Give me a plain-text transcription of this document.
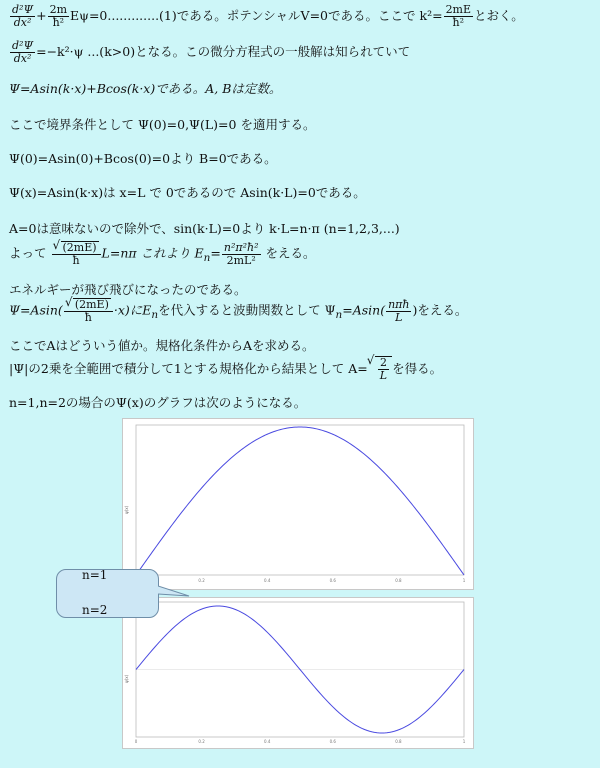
$\frac{\text{d²Ψ}}{\text{dx²}} + \frac{2m}{\text{ħ²}} E\psi=0.............(1)$である。ポテンシャルV=0である。ここで $k^2= \frac{2mE}{\text{ħ²}}$ とおく。
$\frac{\text{d²Ψ}}{\text{dx²}} =-k^2\cdot\psi$ ...(k>0)となる。この微分方程式の一般解は知られていて
Ψ=Asin(k·x)+Bcos(k·x)である。A, Bは定数。
ここで境界条件として Ψ(0)=0,Ψ(L)=0 を適用する。
Ψ(0)=Asin(0)+Bcos(0)=0より B=0である。
Ψ(x)=Asin(k·x)は x=L で 0であるので Asin(k·L)=0である。
A=0は意味ないので除外で、sin(k·L)=0より k·L=n·π (n=1,2,3,...)
よって √ $\frac{(2mE)}{ħ} L=n\pi$ これより $E_n= \frac{\text{n²π²ħ²}}{\text{2mL²}}$ をえる。
エネルギーが飛び飛びになったのである。
Ψ=Asin( √ $\frac{(2mE)}{ħ} \cdot x$)に$E_n$を代入すると波動関数として $\Psi_n=Asin( \frac{\text{nπħ}}{L}$ )をえる。
ここでAはどういう値か。規格化条件からAを求める。
|Ψ|の2乗を全範囲で積分して1とする規格化から結果として A= √ $\frac{2}{L}$ を得る。
n=1,n=2の場合のΨ(x)のグラフは次のようになる。
ψ(x)
0.2	0.4	0.6	0.8	1
ψ(x)
0	0.2	0.4	0.6	0.8	1
n=1
n=2
